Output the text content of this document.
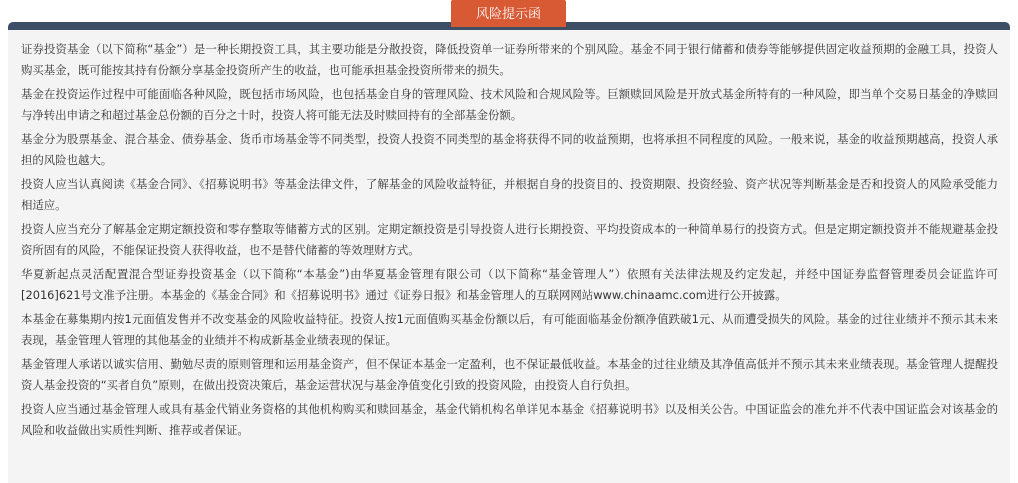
风险提示函

证券投资基金（以下简称“基金”）是一种长期投资工具，其主要功能是分散投资，降低投资单一证券所带来的个别风险。基金不同于银行储蓄和债券等能够提供固定收益预期的金融工具，投资人购买基金，既可能按其持有份额分享基金投资所产生的收益，也可能承担基金投资所带来的损失。

基金在投资运作过程中可能面临各种风险，既包括市场风险，也包括基金自身的管理风险、技术风险和合规风险等。巨额赎回风险是开放式基金所特有的一种风险，即当单个交易日基金的净赎回与净转出申请之和超过基金总份额的百分之十时，投资人将可能无法及时赎回持有的全部基金份额。

基金分为股票基金、混合基金、债券基金、货币市场基金等不同类型，投资人投资不同类型的基金将获得不同的收益预期，也将承担不同程度的风险。一般来说，基金的收益预期越高，投资人承担的风险也越大。

投资人应当认真阅读《基金合同》、《招募说明书》等基金法律文件，了解基金的风险收益特征，并根据自身的投资目的、投资期限、投资经验、资产状况等判断基金是否和投资人的风险承受能力相适应。

投资人应当充分了解基金定期定额投资和零存整取等储蓄方式的区别。定期定额投资是引导投资人进行长期投资、平均投资成本的一种简单易行的投资方式。但是定期定额投资并不能规避基金投资所固有的风险，不能保证投资人获得收益，也不是替代储蓄的等效理财方式。

华夏新起点灵活配置混合型证券投资基金（以下简称“本基金”)由华夏基金管理有限公司（以下简称“基金管理人”）依照有关法律法规及约定发起，并经中国证券监督管理委员会证监许可[2016]621号文准予注册。本基金的《基金合同》和《招募说明书》通过《证券日报》和基金管理人的互联网网站www.chinaamc.com进行公开披露。

本基金在募集期内按1元面值发售并不改变基金的风险收益特征。投资人按1元面值购买基金份额以后，有可能面临基金份额净值跌破1元、从而遭受损失的风险。基金的过往业绩并不预示其未来表现，基金管理人管理的其他基金的业绩并不构成新基金业绩表现的保证。

基金管理人承诺以诚实信用、勤勉尽责的原则管理和运用基金资产，但不保证本基金一定盈利，也不保证最低收益。本基金的过往业绩及其净值高低并不预示其未来业绩表现。基金管理人提醒投资人基金投资的“买者自负”原则，在做出投资决策后，基金运营状况与基金净值变化引致的投资风险，由投资人自行负担。

投资人应当通过基金管理人或具有基金代销业务资格的其他机构购买和赎回基金，基金代销机构名单详见本基金《招募说明书》以及相关公告。中国证监会的准允并不代表中国证监会对该基金的风险和收益做出实质性判断、推荐或者保证。
